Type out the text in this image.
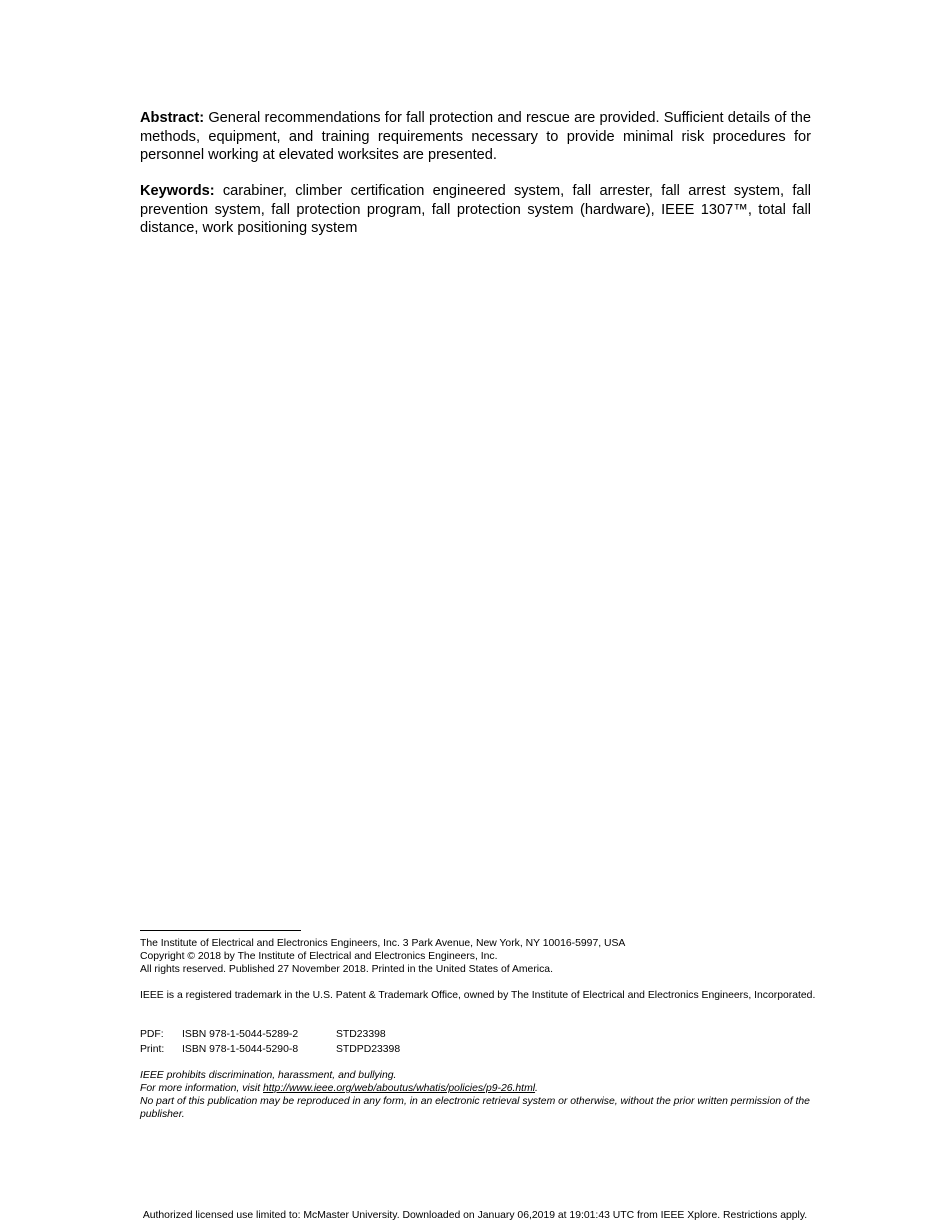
Abstract: General recommendations for fall protection and rescue are provided. Sufficient details of the methods, equipment, and training requirements necessary to provide minimal risk procedures for personnel working at elevated worksites are presented.

Keywords: carabiner, climber certification engineered system, fall arrester, fall arrest system, fall prevention system, fall protection program, fall protection system (hardware), IEEE 1307™, total fall distance, work positioning system

The Institute of Electrical and Electronics Engineers, Inc. 3 Park Avenue, New York, NY 10016-5997, USA
Copyright © 2018 by The Institute of Electrical and Electronics Engineers, Inc.
All rights reserved. Published 27 November 2018. Printed in the United States of America.

IEEE is a registered trademark in the U.S. Patent & Trademark Office, owned by The Institute of Electrical and Electronics Engineers, Incorporated.

PDF:	ISBN 978-1-5044-5289-2	STD23398
Print:	ISBN 978-1-5044-5290-8	STDPD23398
IEEE prohibits discrimination, harassment, and bullying.
For more information, visit http://www.ieee.org/web/aboutus/whatis/policies/p9-26.html.
No part of this publication may be reproduced in any form, in an electronic retrieval system or otherwise, without the prior written permission of the publisher.

Authorized licensed use limited to: McMaster University. Downloaded on January 06,2019 at 19:01:43 UTC from IEEE Xplore. Restrictions apply.
